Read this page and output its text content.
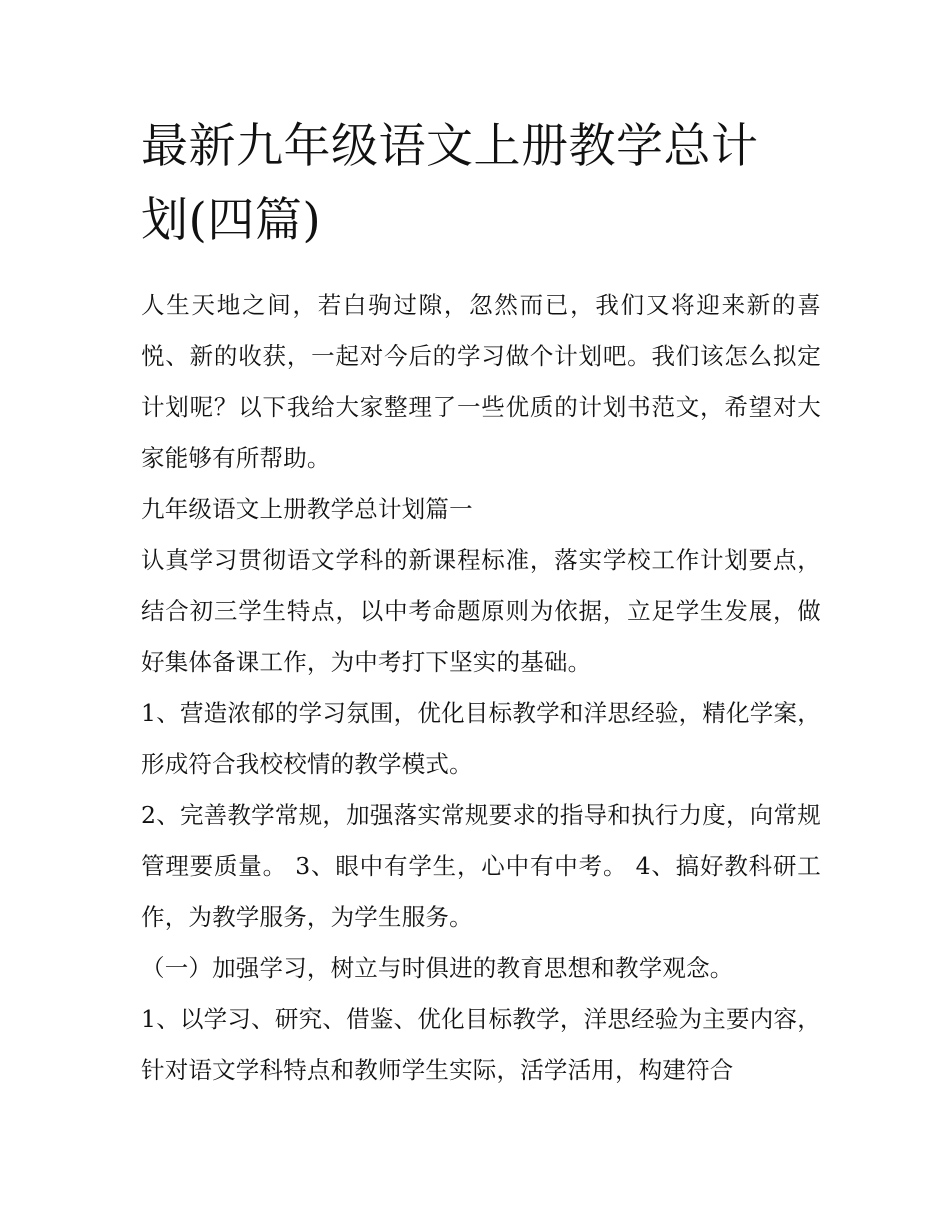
最新九年级语文上册教学总计
划(四篇)

人生天地之间，若白驹过隙，忽然而已，我们又将迎来新的喜悦、新的收获，一起对今后的学习做个计划吧。我们该怎么拟定计划呢？以下我给大家整理了一些优质的计划书范文，希望对大家能够有所帮助。

九年级语文上册教学总计划篇一

认真学习贯彻语文学科的新课程标准，落实学校工作计划要点，结合初三学生特点，以中考命题原则为依据，立足学生发展，做好集体备课工作，为中考打下坚实的基础。

1、营造浓郁的学习氛围，优化目标教学和洋思经验，精化学案，形成符合我校校情的教学模式。

2、完善教学常规，加强落实常规要求的指导和执行力度，向常规管理要质量。 3、眼中有学生，心中有中考。 4、搞好教科研工作，为教学服务，为学生服务。

（一）加强学习，树立与时俱进的教育思想和教学观念。

1、以学习、研究、借鉴、优化目标教学，洋思经验为主要内容，针对语文学科特点和教师学生实际，活学活用，构建符合
